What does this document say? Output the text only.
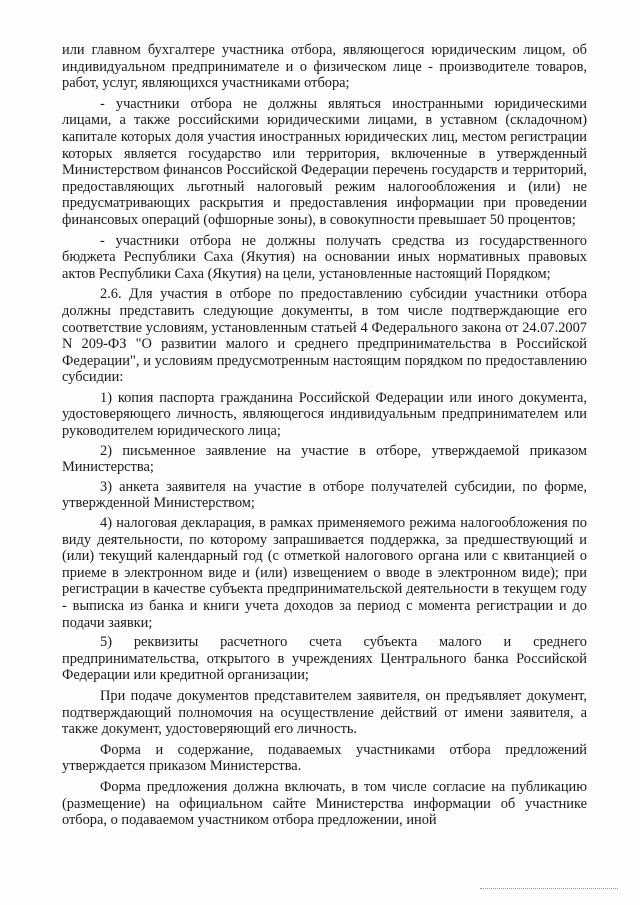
или главном бухгалтере участника отбора, являющегося юридическим лицом, об индивидуальном предпринимателе и о физическом лице - производителе товаров, работ, услуг, являющихся участниками отбора;

- участники отбора не должны являться иностранными юридическими лицами, а также российскими юридическими лицами, в уставном (складочном) капитале которых доля участия иностранных юридических лиц, местом регистрации которых является государство или территория, включенные в утвержденный Министерством финансов Российской Федерации перечень государств и территорий, предоставляющих льготный налоговый режим налогообложения и (или) не предусматривающих раскрытия и предоставления информации при проведении финансовых операций (офшорные зоны), в совокупности превышает 50 процентов;

- участники отбора не должны получать средства из государственного бюджета Республики Саха (Якутия) на основании иных нормативных правовых актов Республики Саха (Якутия) на цели, установленные настоящий Порядком;

2.6. Для участия в отборе по предоставлению субсидии участники отбора должны представить следующие документы, в том числе подтверждающие его соответствие условиям, установленным статьей 4 Федерального закона от 24.07.2007 N 209-ФЗ "О развитии малого и среднего предпринимательства в Российской Федерации", и условиям предусмотренным настоящим порядком по предоставлению субсидии:

1) копия паспорта гражданина Российской Федерации или иного документа, удостоверяющего личность, являющегося индивидуальным предпринимателем или руководителем юридического лица;

2) письменное заявление на участие в отборе, утверждаемой приказом Министерства;

3) анкета заявителя на участие в отборе получателей субсидии, по форме, утвержденной Министерством;

4) налоговая декларация, в рамках применяемого режима налогообложения по виду деятельности, по которому запрашивается поддержка, за предшествующий и (или) текущий календарный год (с отметкой налогового органа или с квитанцией о приеме в электронном виде и (или) извещением о вводе в электронном виде); при регистрации в качестве субъекта предпринимательской деятельности в текущем году - выписка из банка и книги учета доходов за период с момента регистрации и до подачи заявки;

5) реквизиты расчетного счета субъекта малого и среднего предпринимательства, открытого в учреждениях Центрального банка Российской Федерации или кредитной организации;

При подаче документов представителем заявителя, он предъявляет документ, подтверждающий полномочия на осуществление действий от имени заявителя, а также документ, удостоверяющий его личность.

Форма и содержание, подаваемых участниками отбора предложений утверждается приказом Министерства.

Форма предложения должна включать, в том числе согласие на публикацию (размещение) на официальном сайте Министерства информации об участнике отбора, о подаваемом участником отбора предложении, иной
